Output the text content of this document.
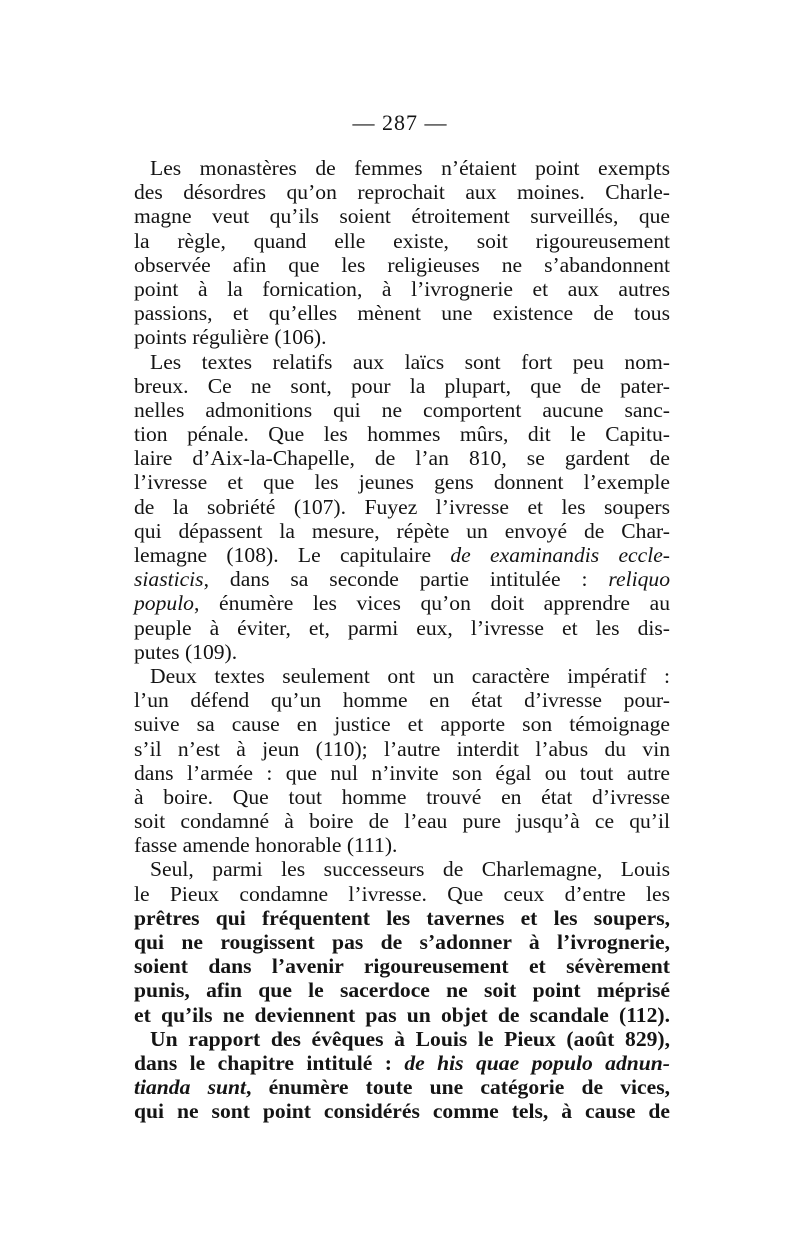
— 287 —
Les monastères de femmes n’étaient point exempts
des désordres qu’on reprochait aux moines. Charle-
magne veut qu’ils soient étroitement surveillés, que
la règle, quand elle existe, soit rigoureusement
observée afin que les religieuses ne s’abandonnent
point à la fornication, à l’ivrognerie et aux autres
passions, et qu’elles mènent une existence de tous
points régulière (106).
Les textes relatifs aux laïcs sont fort peu nom-
breux. Ce ne sont, pour la plupart, que de pater-
nelles admonitions qui ne comportent aucune sanc-
tion pénale. Que les hommes mûrs, dit le Capitu-
laire d’Aix-la-Chapelle, de l’an 810, se gardent de
l’ivresse et que les jeunes gens donnent l’exemple
de la sobriété (107). Fuyez l’ivresse et les soupers
qui dépassent la mesure, répète un envoyé de Char-
lemagne (108). Le capitulaire de examinandis eccle-
siasticis, dans sa seconde partie intitulée : reliquo
populo, énumère les vices qu’on doit apprendre au
peuple à éviter, et, parmi eux, l’ivresse et les dis-
putes (109).
Deux textes seulement ont un caractère impératif :
l’un défend qu’un homme en état d’ivresse pour-
suive sa cause en justice et apporte son témoignage
s’il n’est à jeun (110); l’autre interdit l’abus du vin
dans l’armée : que nul n’invite son égal ou tout autre
à boire. Que tout homme trouvé en état d’ivresse
soit condamné à boire de l’eau pure jusqu’à ce qu’il
fasse amende honorable (111).
Seul, parmi les successeurs de Charlemagne, Louis
le Pieux condamne l’ivresse. Que ceux d’entre les
prêtres qui fréquentent les tavernes et les soupers,
qui ne rougissent pas de s’adonner à l’ivrognerie,
soient dans l’avenir rigoureusement et sévèrement
punis, afin que le sacerdoce ne soit point méprisé
et qu’ils ne deviennent pas un objet de scandale (112).
Un rapport des évêques à Louis le Pieux (août 829),
dans le chapitre intitulé : de his quae populo adnun-
tianda sunt, énumère toute une catégorie de vices,
qui ne sont point considérés comme tels, à cause de
